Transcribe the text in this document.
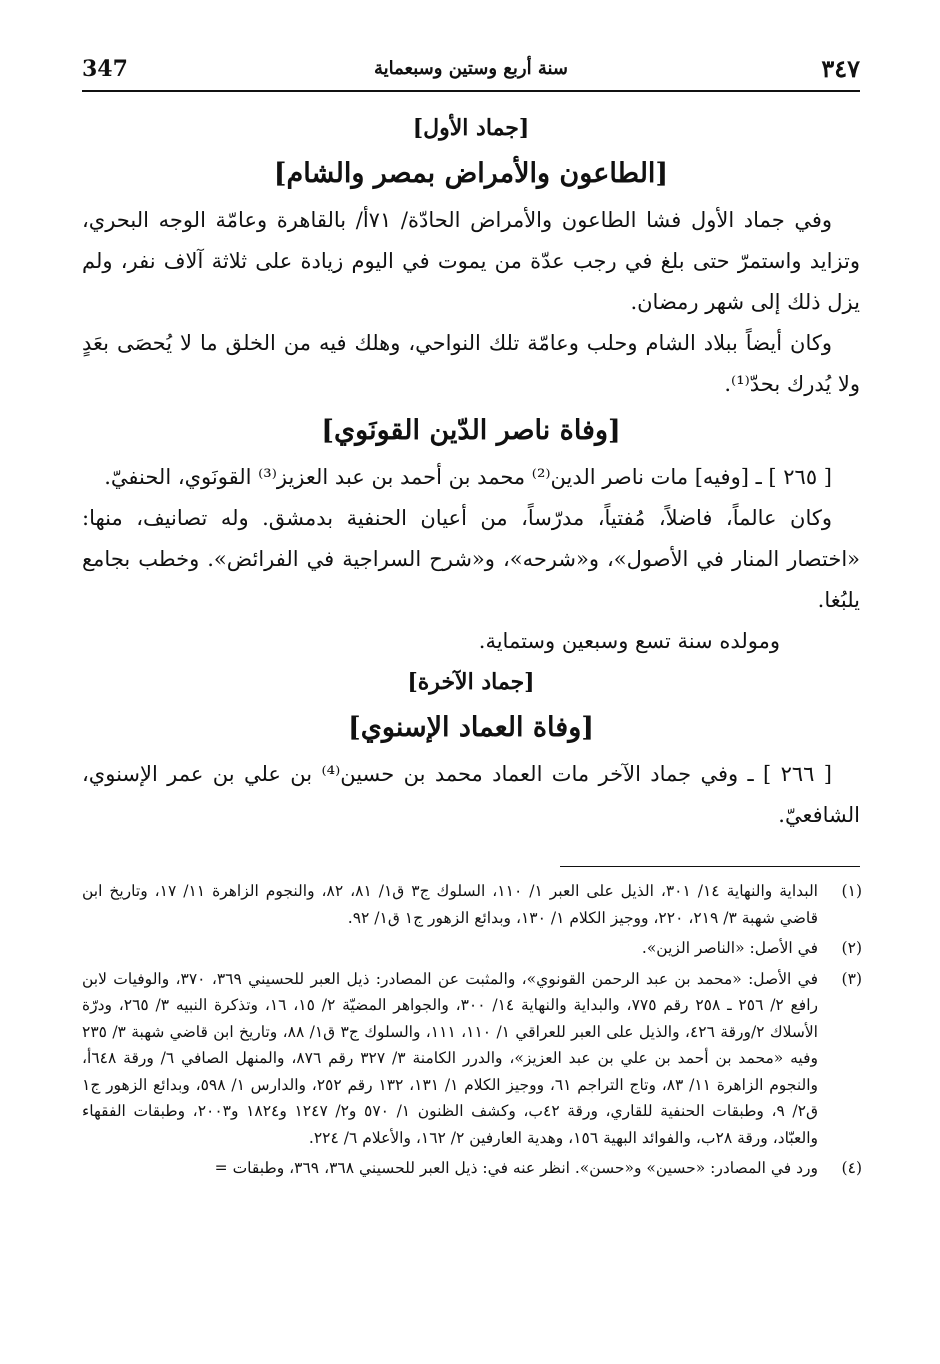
347	سنة أربع وستين وسبعماية	٣٤٧

[جماد الأول]

[الطاعون والأمراض بمصر والشام]

وفي جماد الأول فشا الطاعون والأمراض الحادّة/ ٧١أ/ بالقاهرة وعامّة الوجه البحري، وتزايد واستمرّ حتى بلغ في رجب عدّة من يموت في اليوم زيادة على ثلاثة آلاف نفر، ولم يزل ذلك إلى شهر رمضان.

وكان أيضاً ببلاد الشام وحلب وعامّة تلك النواحي، وهلك فيه من الخلق ما لا يُحصَى بعَدٍ ولا يُدرك بحدّ⁽¹⁾.

[وفاة ناصر الدّين القونَوي]

[ ٢٦٥ ] ـ [وفيه] مات ناصر الدين⁽²⁾ محمد بن أحمد بن عبد العزيز⁽³⁾ القونَوي، الحنفيّ.

وكان عالماً، فاضلاً، مُفتياً، مدرّساً، من أعيان الحنفية بدمشق. وله تصانيف، منها: «اختصار المنار في الأصول»، و«شرحه»، و«شرح السراجية في الفرائض». وخطب بجامع يلبُغا.

ومولده سنة تسع وسبعين وستماية.

[جماد الآخرة]

[وفاة العماد الإسنوي]

[ ٢٦٦ ] ـ وفي جماد الآخر مات العماد محمد بن حسين⁽⁴⁾ بن علي بن عمر الإسنوي، الشافعيّ.

(١)
البداية والنهاية ١٤/ ٣٠١، الذيل على العبر ١/ ١١٠، السلوك ج٣ ق١/ ٨١، ٨٢، والنجوم الزاهرة ١١/ ١٧، وتاريخ ابن قاضي شهبة ٣/ ٢١٩، ٢٢٠، ووجيز الكلام ١/ ١٣٠، وبدائع الزهور ج١ ق١/ ٩٢.

(٢)
في الأصل: «الناصر الزين».

(٣)
في الأصل: «محمد بن عبد الرحمن القونوي»، والمثبت عن المصادر: ذيل العبر للحسيني ٣٦٩، ٣٧٠، والوفيات لابن رافع ٢/ ٢٥٦ ـ ٢٥٨ رقم ٧٧٥، والبداية والنهاية ١٤/ ٣٠٠، والجواهر المضيّة ٢/ ١٥، ١٦، وتذكرة النبيه ٣/ ٢٦٥، ودرّة الأسلاك ٢/ورقة ٤٢٦، والذيل على العبر للعراقي ١/ ١١٠، ١١١، والسلوك ج٣ ق١/ ٨٨، وتاريخ ابن قاضي شهبة ٣/ ٢٣٥ وفيه «محمد بن أحمد بن علي بن عبد العزيز»، والدرر الكامنة ٣/ ٣٢٧ رقم ٨٧٦، والمنهل الصافي ٦/ ورقة ٦٤٨أ، والنجوم الزاهرة ١١/ ٨٣، وتاج التراجم ٦١، ووجيز الكلام ١/ ١٣١، ١٣٢ رقم ٢٥٢، والدارس ١/ ٥٩٨، وبدائع الزهور ج١ ق٢/ ٩، وطبقات الحنفية للقاري، ورقة ٤٢ب، وكشف الظنون ١/ ٥٧٠ و٢/ ١٢٤٧ و١٨٢٤ و٢٠٠٣، وطبقات الفقهاء والعبّاد، ورقة ٢٨ب، والفوائد البهية ١٥٦، وهدية العارفين ٢/ ١٦٢، والأعلام ٦/ ٢٢٤.

(٤)
ورد في المصادر: «حسين» و«حسن». انظر عنه في: ذيل العبر للحسيني ٣٦٨، ٣٦٩، وطبقات =
